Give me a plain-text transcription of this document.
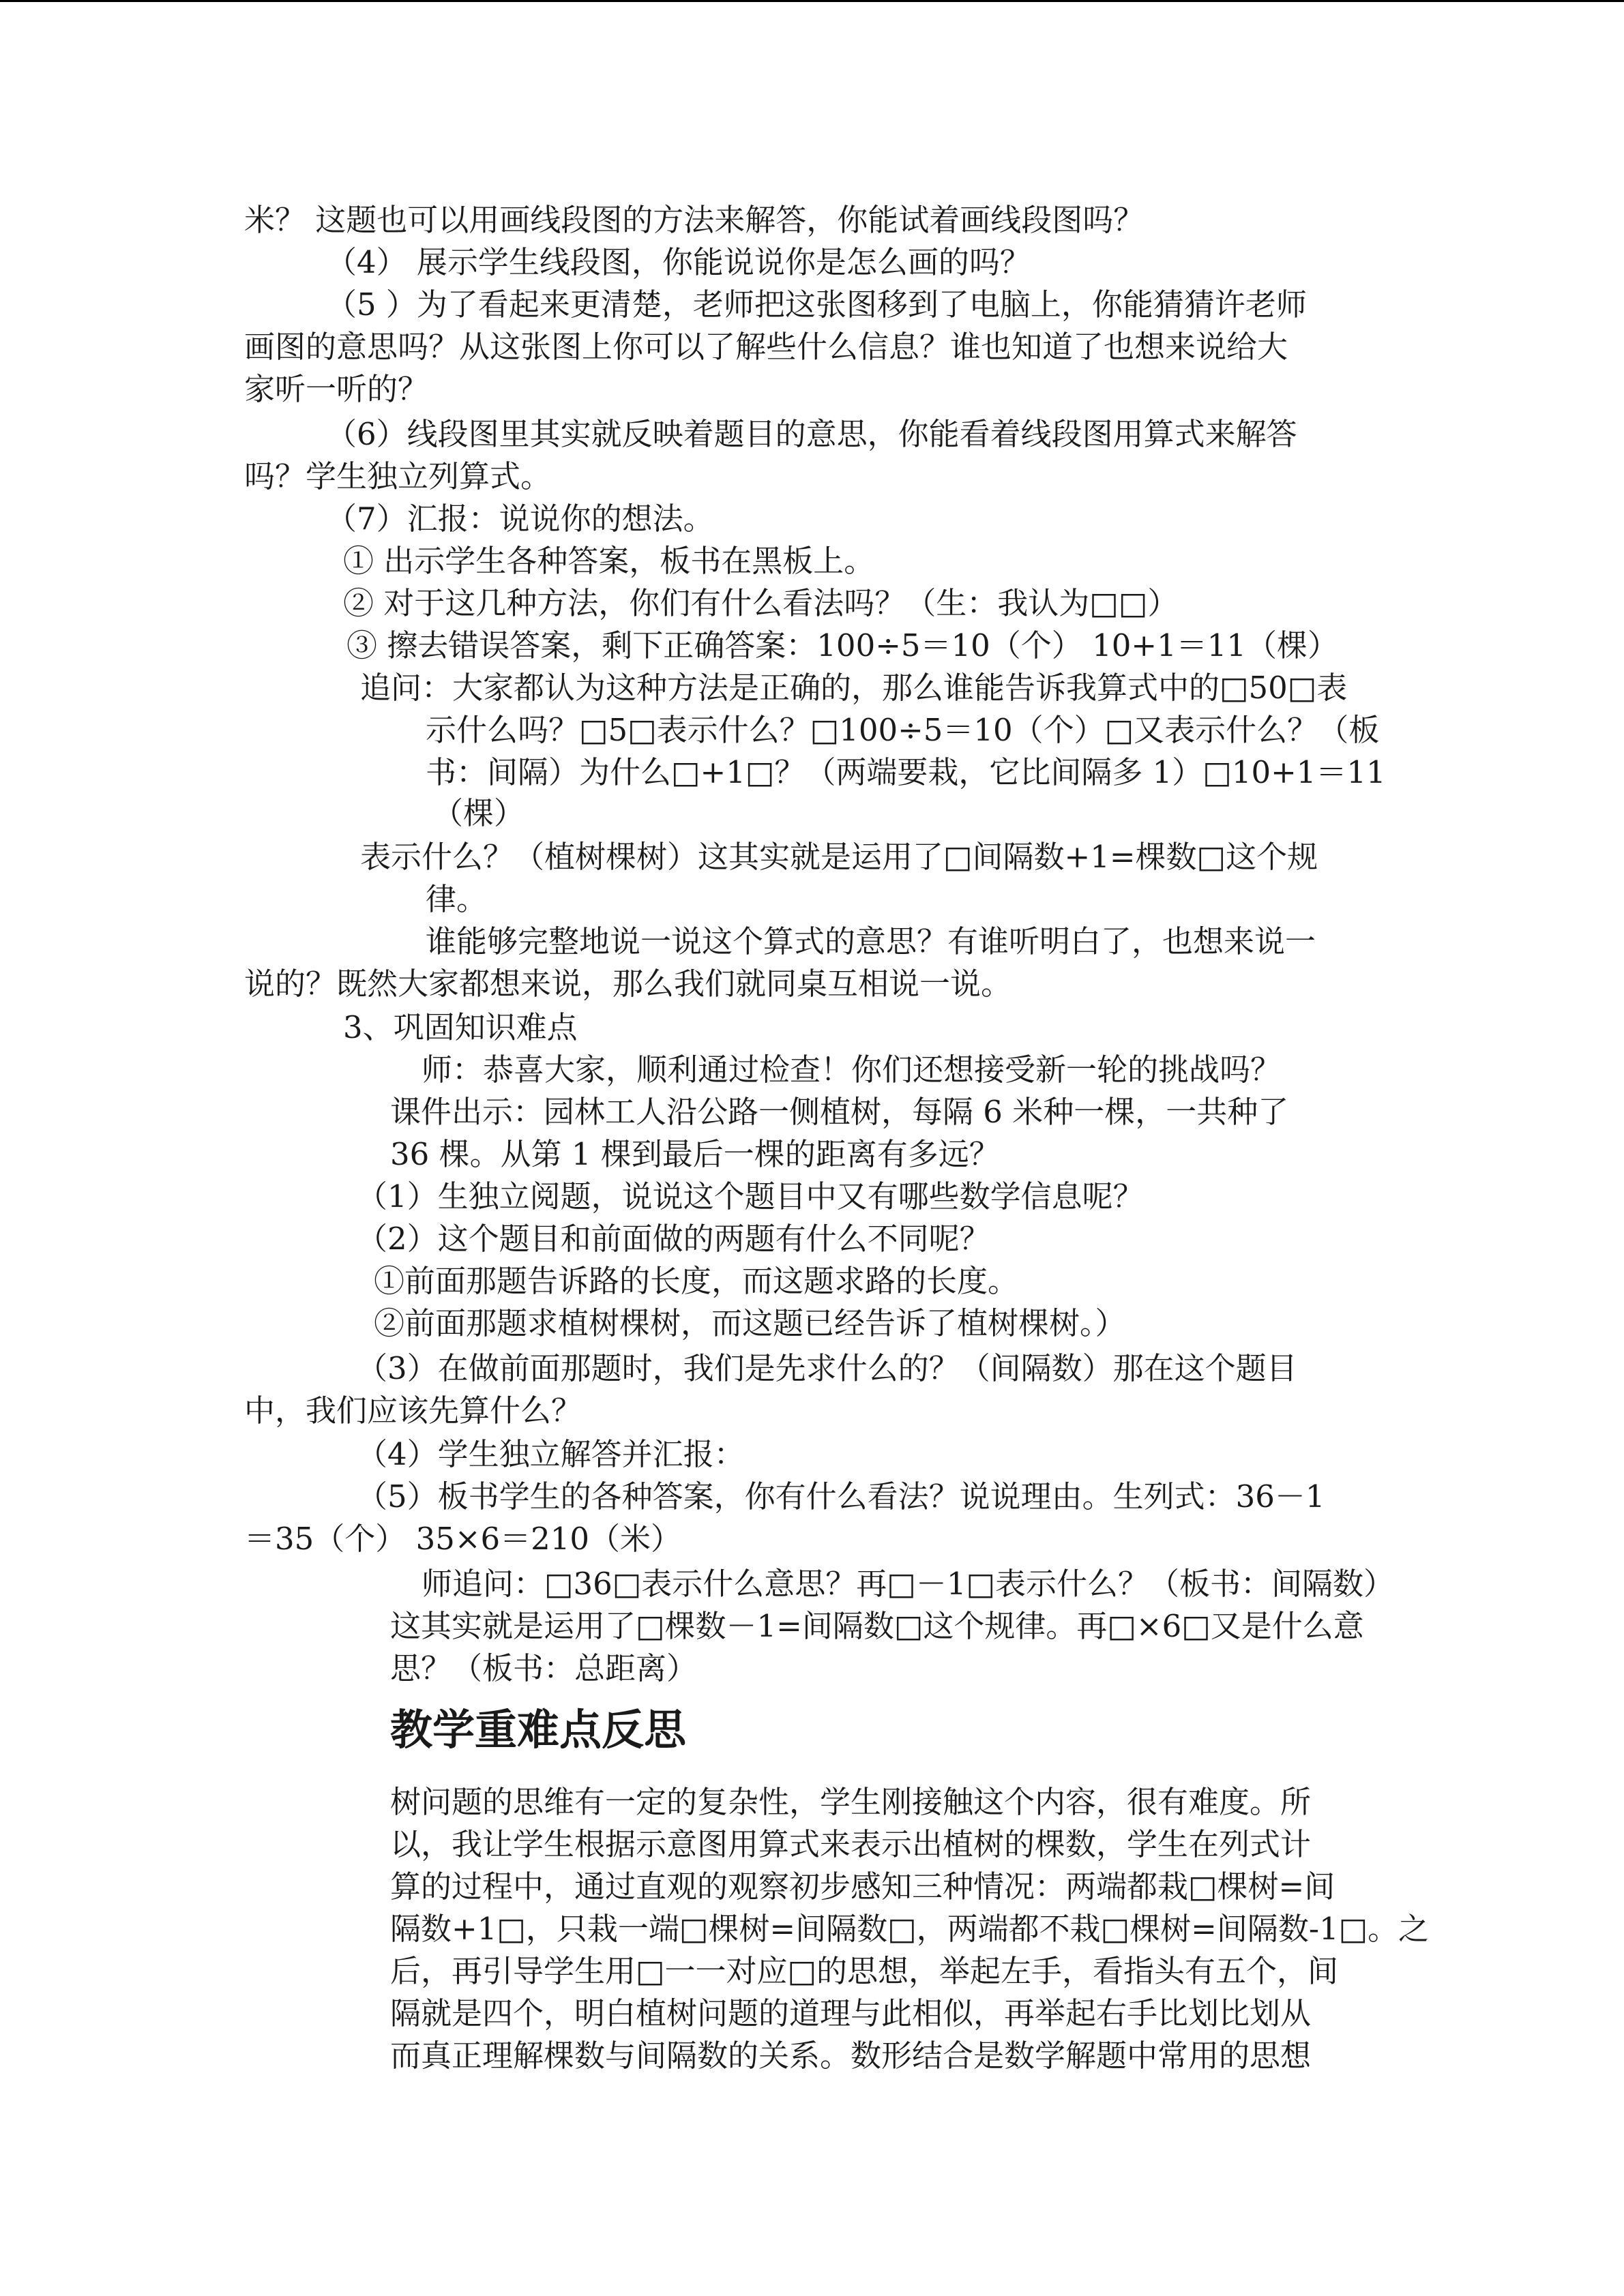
米？ 这题也可以用画线段图的方法来解答，你能试着画线段图吗？

（4） 展示学生线段图，你能说说你是怎么画的吗？

（5 ）为了看起来更清楚，老师把这张图移到了电脑上，你能猜猜许老师

画图的意思吗？从这张图上你可以了解些什么信息？谁也知道了也想来说给大

家听一听的？

（6）线段图里其实就反映着题目的意思，你能看着线段图用算式来解答

吗？学生独立列算式。

（7）汇报：说说你的想法。

① 出示学生各种答案，板书在黑板上。

② 对于这几种方法，你们有什么看法吗？（生：我认为□□）

③ 擦去错误答案，剩下正确答案：100÷5＝10（个） 10+1＝11（棵）

追问：大家都认为这种方法是正确的，那么谁能告诉我算式中的□50□表

示什么吗？□5□表示什么？□100÷5＝10（个）□又表示什么？（板

书：间隔）为什么□+1□？（两端要栽，它比间隔多 1）□10+1＝11

（棵）

表示什么？（植树棵树）这其实就是运用了□间隔数+1=棵数□这个规

律。

谁能够完整地说一说这个算式的意思？有谁听明白了，也想来说一

说的？既然大家都想来说，那么我们就同桌互相说一说。

3、巩固知识难点

师：恭喜大家，顺利通过检查！你们还想接受新一轮的挑战吗？

课件出示：园林工人沿公路一侧植树，每隔 6 米种一棵，一共种了

36 棵。从第 1 棵到最后一棵的距离有多远？

（1）生独立阅题，说说这个题目中又有哪些数学信息呢？

（2）这个题目和前面做的两题有什么不同呢？

①前面那题告诉路的长度，而这题求路的长度。

②前面那题求植树棵树，而这题已经告诉了植树棵树。）

（3）在做前面那题时，我们是先求什么的？（间隔数）那在这个题目

中，我们应该先算什么？

（4）学生独立解答并汇报：

（5）板书学生的各种答案，你有什么看法？说说理由。生列式：36－1

＝35（个） 35×6＝210（米）

师追问：□36□表示什么意思？再□－1□表示什么？（板书：间隔数）

这其实就是运用了□棵数－1=间隔数□这个规律。再□×6□又是什么意

思？（板书：总距离）

教学重难点反思

树问题的思维有一定的复杂性，学生刚接触这个内容，很有难度。所

以，我让学生根据示意图用算式来表示出植树的棵数，学生在列式计

算的过程中，通过直观的观察初步感知三种情况：两端都栽□棵树=间

隔数+1□，只栽一端□棵树=间隔数□，两端都不栽□棵树=间隔数-1□。之

后，再引导学生用□一一对应□的思想，举起左手，看指头有五个，间

隔就是四个，明白植树问题的道理与此相似，再举起右手比划比划从

而真正理解棵数与间隔数的关系。数形结合是数学解题中常用的思想
